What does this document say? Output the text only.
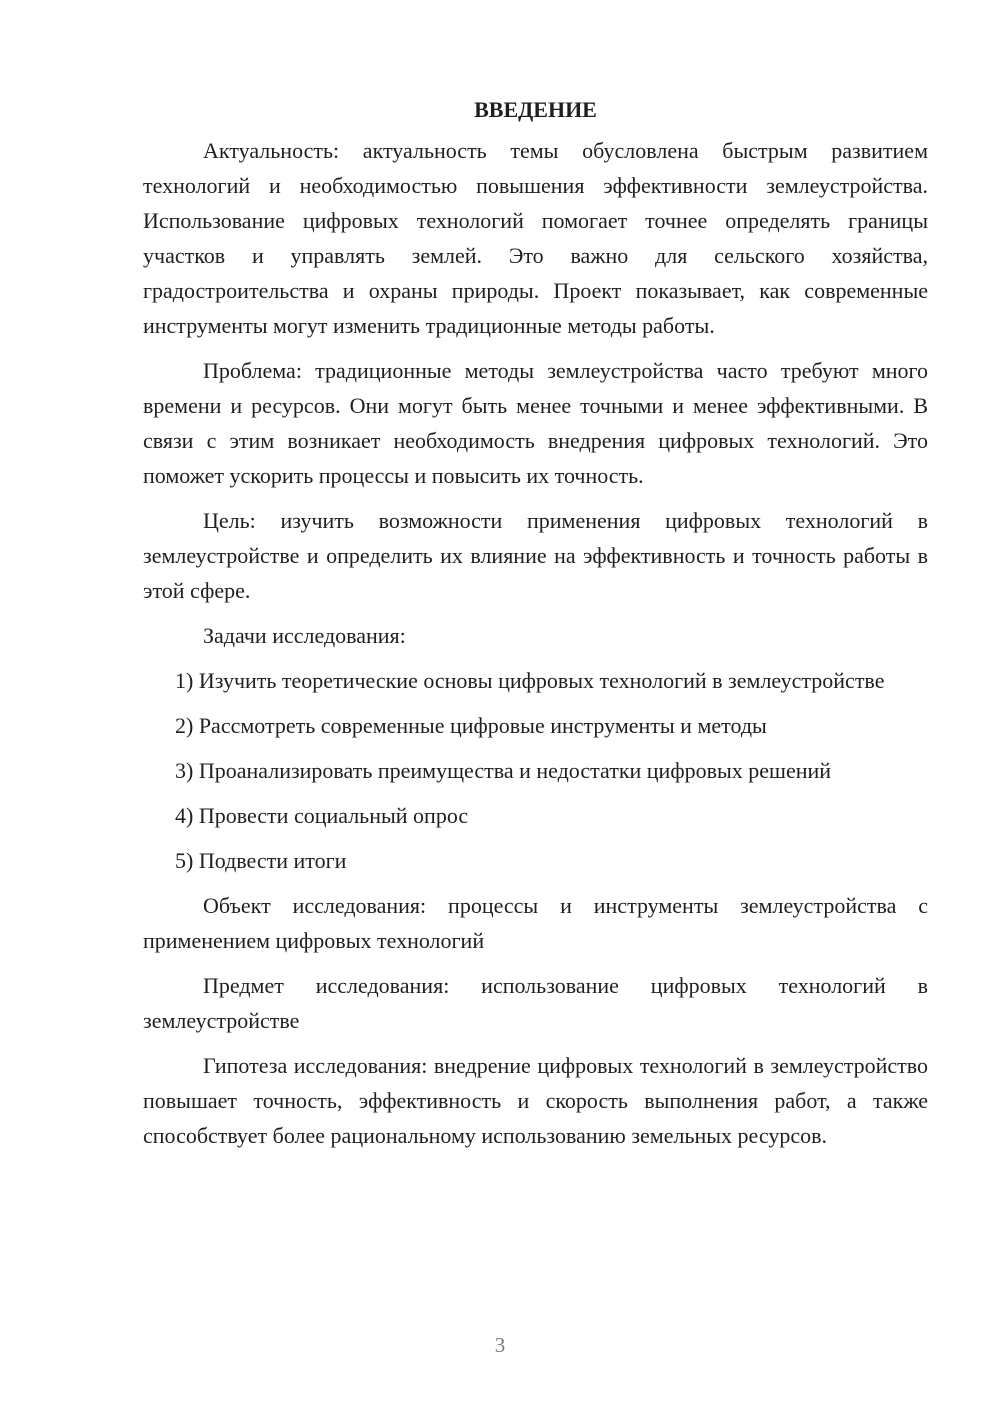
ВВЕДЕНИЕ

Актуальность: актуальность темы обусловлена быстрым развитием технологий и необходимостью повышения эффективности землеустройства. Использование цифровых технологий помогает точнее определять границы участков и управлять землей. Это важно для сельского хозяйства, градостроительства и охраны природы. Проект показывает, как современные инструменты могут изменить традиционные методы работы.

Проблема: традиционные методы землеустройства часто требуют много времени и ресурсов. Они могут быть менее точными и менее эффективными. В связи с этим возникает необходимость внедрения цифровых технологий. Это поможет ускорить процессы и повысить их точность.

Цель: изучить возможности применения цифровых технологий в землеустройстве и определить их влияние на эффективность и точность работы в этой сфере.

Задачи исследования:

1) Изучить теоретические основы цифровых технологий в землеустройстве

2) Рассмотреть современные цифровые инструменты и методы

3) Проанализировать преимущества и недостатки цифровых решений

4) Провести социальный опрос

5) Подвести итоги

Объект исследования: процессы и инструменты землеустройства с применением цифровых технологий

Предмет исследования: использование цифровых технологий в землеустройстве

Гипотеза исследования: внедрение цифровых технологий в землеустройство повышает точность, эффективность и скорость выполнения работ, а также способствует более рациональному использованию земельных ресурсов.

3
